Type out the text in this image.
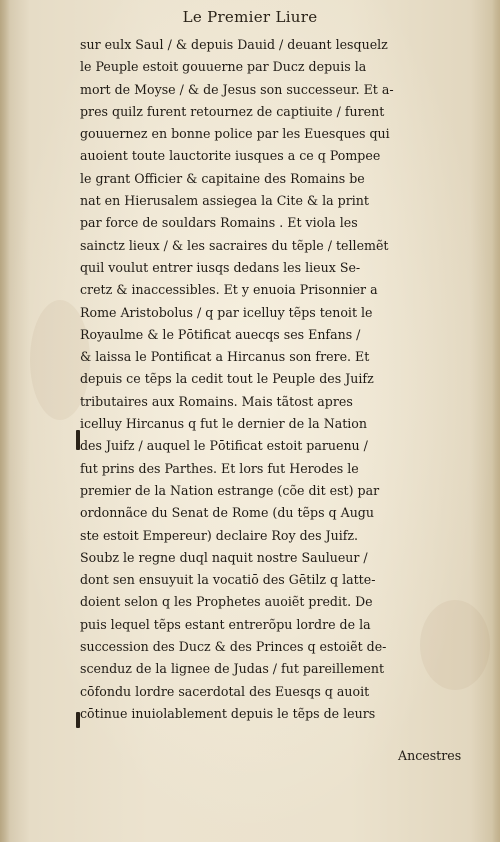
Le Premier Liure
sur eulx Saul / & depuis Dauid / deuant lesquelz
le Peuple estoit gouuerne par Ducz depuis la
mort de Moyse / & de Jesus son successeur. Et a-
pres quilz furent retournez de captiuite / furent
gouuernez en bonne police par les Euesques qui
auoient toute lauctorite iusques a ce q Pompee
le grant Officier & capitaine des Romains be
nat en Hierusalem assiegea la Cite & la print
par force de souldars Romains . Et viola les
sainctz lieux / & les sacraires du tẽple / tellemẽt
quil voulut entrer iusqs dedans les lieux Se-
cretz & inaccessibles. Et y enuoia Prisonnier a
Rome Aristobolus / q par icelluy tẽps tenoit le
Royaulme & le Pōtificat auecqs ses Enfans /
& laissa le Pontificat a Hircanus son frere. Et
depuis ce tẽps la cedit tout le Peuple des Juifz
tributaires aux Romains. Mais tãtost apres
icelluy Hircanus q fut le dernier de la Nation
des Juifz / auquel le Pōtificat estoit paruenu /
fut prins des Parthes. Et lors fut Herodes le
premier de la Nation estrange (cõe dit est) par
ordonnãce du Senat de Rome (du tẽps q Augu
ste estoit Empereur) declaire Roy des Juifz.
Soubz le regne duql naquit nostre Saulueur /
dont sen ensuyuit la vocatiō des Gētilz q latte-
doient selon q les Prophetes auoiẽt predit. De
puis lequel tẽps estant entrerõpu lordre de la
succession des Ducz & des Princes q estoiẽt de-
scenduz de la lignee de Judas / fut pareillement
cōfondu lordre sacerdotal des Euesqs q auoit
cōtinue inuiolablement depuis le tẽps de leurs
Ancestres
